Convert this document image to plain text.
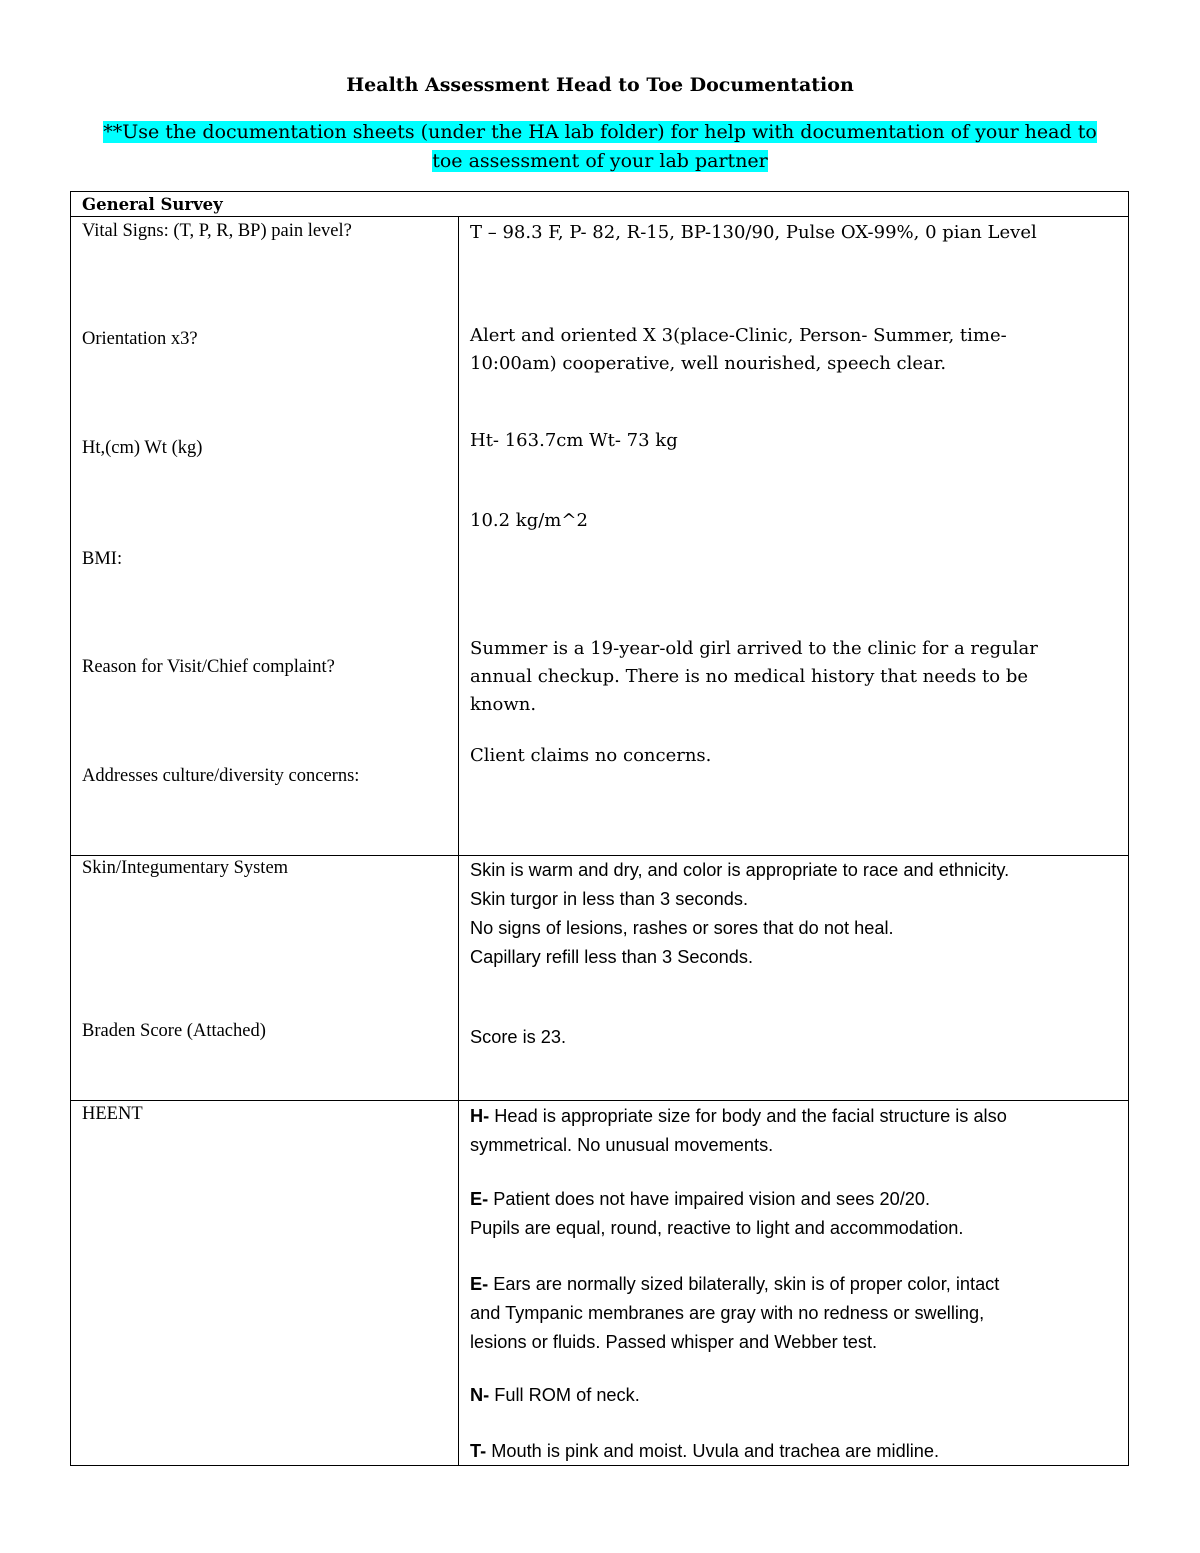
Health Assessment Head to Toe Documentation
**Use the documentation sheets (under the HA lab folder) for help with documentation of your head to
toe assessment of your lab partner
General Survey
Vital Signs: (T, P, R, BP) pain level?
Orientation x3?
Ht,(cm) Wt (kg)
BMI:
Reason for Visit/Chief complaint?
Addresses culture/diversity concerns:
Skin/Integumentary System
Braden Score (Attached)
HEENT
T – 98.3 F, P- 82, R-15, BP-130/90, Pulse OX-99%, 0 pian Level
Alert and oriented X 3(place-Clinic, Person- Summer, time-
10:00am) cooperative, well nourished, speech clear.
Ht- 163.7cm Wt- 73 kg
10.2 kg/m^2
Summer is a 19-year-old girl arrived to the clinic for a regular
annual checkup. There is no medical history that needs to be
known.
Client claims no concerns.
Skin is warm and dry, and color is appropriate to race and ethnicity.
Skin turgor in less than 3 seconds.
No signs of lesions, rashes or sores that do not heal.
Capillary refill less than 3 Seconds.
Score is 23.
H- Head is appropriate size for body and the facial structure is also
symmetrical. No unusual movements.
E- Patient does not have impaired vision and sees 20/20.
Pupils are equal, round, reactive to light and accommodation.
E- Ears are normally sized bilaterally, skin is of proper color, intact
and Tympanic membranes are gray with no redness or swelling,
lesions or fluids. Passed whisper and Webber test.
N- Full ROM of neck.
T- Mouth is pink and moist. Uvula and trachea are midline.
